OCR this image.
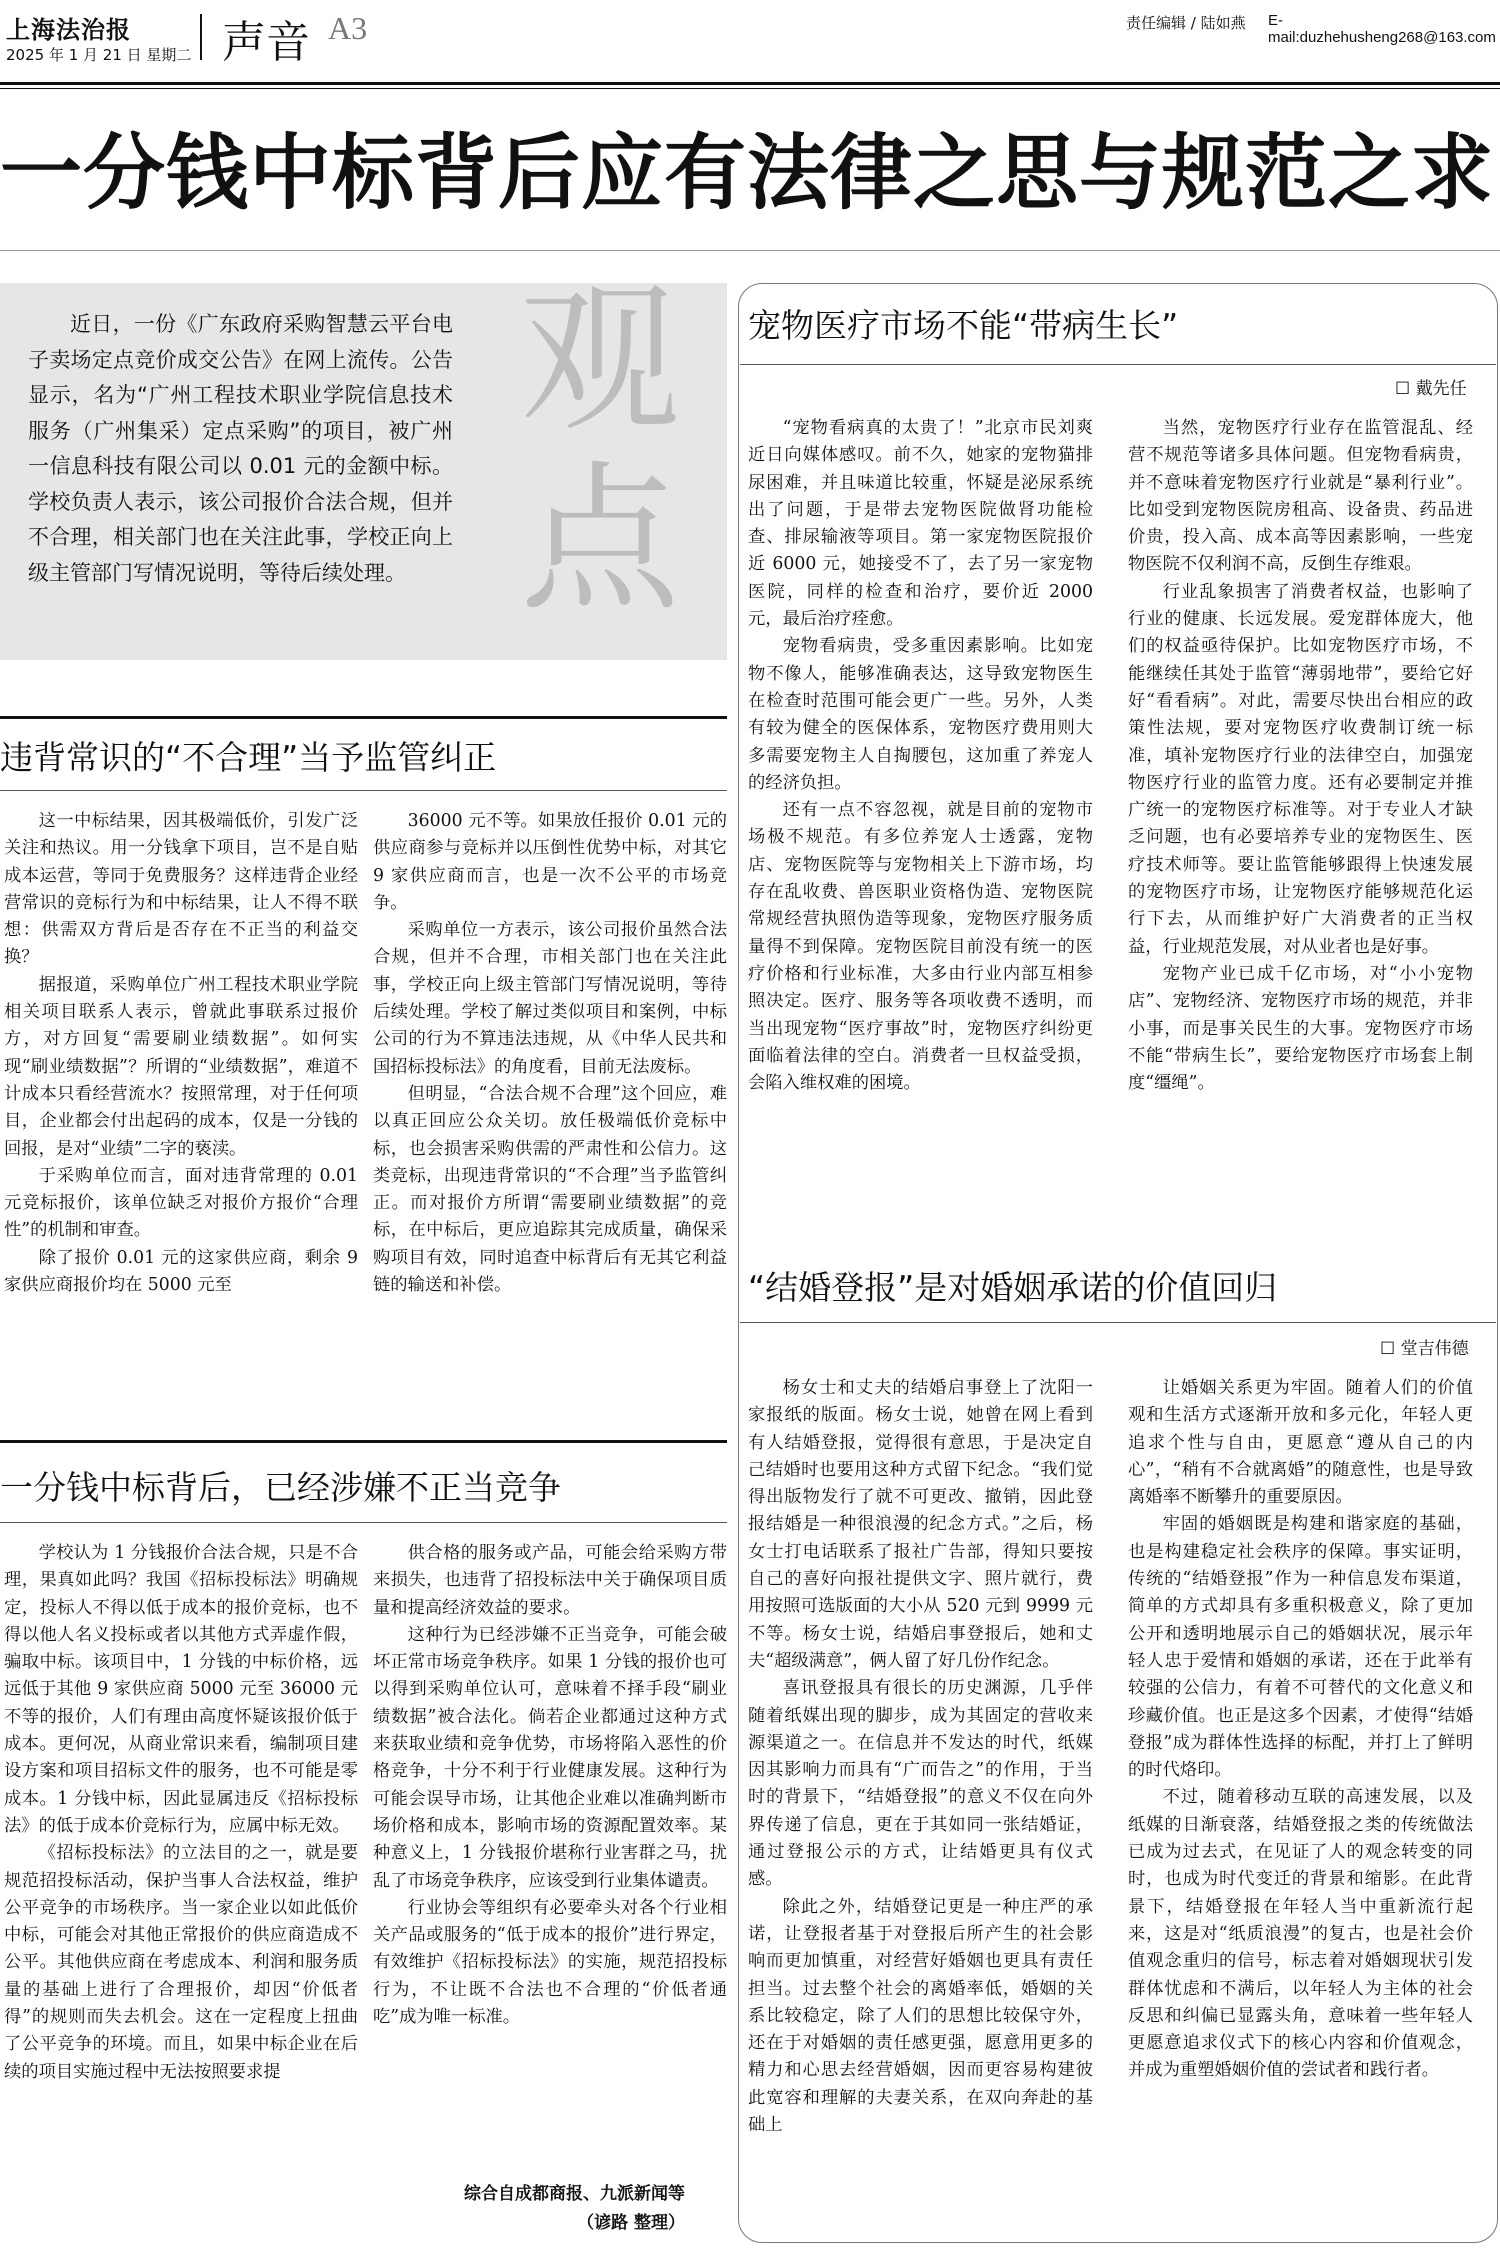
上海法治报
2025 年 1 月 21 日 星期二 声音 A3	责任编辑 / 陆如燕 E-mail:duzhehusheng268@163.com
一分钱中标背后应有法律之思与规范之求
观点

近日，一份《广东政府采购智慧云平台电子卖场定点竞价成交公告》在网上流传。公告显示，名为“广州工程技术职业学院信息技术服务（广州集采）定点采购”的项目，被广州一信息科技有限公司以 0.01 元的金额中标。学校负责人表示，该公司报价合法合规，但并不合理，相关部门也在关注此事，学校正向上级主管部门写情况说明，等待后续处理。

违背常识的“不合理”当予监管纠正

这一中标结果，因其极端低价，引发广泛关注和热议。用一分钱拿下项目，岂不是自贴成本运营，等同于免费服务？这样违背企业经营常识的竞标行为和中标结果，让人不得不联想：供需双方背后是否存在不正当的利益交换？

据报道，采购单位广州工程技术职业学院相关项目联系人表示，曾就此事联系过报价方，对方回复“需要刷业绩数据”。如何实现“刷业绩数据”？所谓的“业绩数据”，难道不计成本只看经营流水？按照常理，对于任何项目，企业都会付出起码的成本，仅是一分钱的回报，是对“业绩”二字的亵渎。

于采购单位而言，面对违背常理的 0.01 元竞标报价，该单位缺乏对报价方报价“合理性”的机制和审查。

除了报价 0.01 元的这家供应商，剩余 9 家供应商报价均在 5000 元至

36000 元不等。如果放任报价 0.01 元的供应商参与竞标并以压倒性优势中标，对其它 9 家供应商而言，也是一次不公平的市场竞争。

采购单位一方表示，该公司报价虽然合法合规，但并不合理，市相关部门也在关注此事，学校正向上级主管部门写情况说明，等待后续处理。学校了解过类似项目和案例，中标公司的行为不算违法违规，从《中华人民共和国招标投标法》的角度看，目前无法废标。

但明显，“合法合规不合理”这个回应，难以真正回应公众关切。放任极端低价竞标中标，也会损害采购供需的严肃性和公信力。这类竞标，出现违背常识的“不合理”当予监管纠正。而对报价方所谓“需要刷业绩数据”的竞标，在中标后，更应追踪其完成质量，确保采购项目有效，同时追查中标背后有无其它利益链的输送和补偿。

一分钱中标背后，已经涉嫌不正当竞争

学校认为 1 分钱报价合法合规，只是不合理，果真如此吗？我国《招标投标法》明确规定，投标人不得以低于成本的报价竞标，也不得以他人名义投标或者以其他方式弄虚作假，骗取中标。该项目中，1 分钱的中标价格，远远低于其他 9 家供应商 5000 元至 36000 元不等的报价，人们有理由高度怀疑该报价低于成本。更何况，从商业常识来看，编制项目建设方案和项目招标文件的服务，也不可能是零成本。1 分钱中标，因此显属违反《招标投标法》的低于成本价竞标行为，应属中标无效。

《招标投标法》的立法目的之一，就是要规范招投标活动，保护当事人合法权益，维护公平竞争的市场秩序。当一家企业以如此低价中标，可能会对其他正常报价的供应商造成不公平。其他供应商在考虑成本、利润和服务质量的基础上进行了合理报价，却因“价低者得”的规则而失去机会。这在一定程度上扭曲了公平竞争的环境。而且，如果中标企业在后续的项目实施过程中无法按照要求提

供合格的服务或产品，可能会给采购方带来损失，也违背了招投标法中关于确保项目质量和提高经济效益的要求。

这种行为已经涉嫌不正当竞争，可能会破坏正常市场竞争秩序。如果 1 分钱的报价也可以得到采购单位认可，意味着不择手段“刷业绩数据”被合法化。倘若企业都通过这种方式来获取业绩和竞争优势，市场将陷入恶性的价格竞争，十分不利于行业健康发展。这种行为可能会误导市场，让其他企业难以准确判断市场价格和成本，影响市场的资源配置效率。某种意义上，1 分钱报价堪称行业害群之马，扰乱了市场竞争秩序，应该受到行业集体谴责。

行业协会等组织有必要牵头对各个行业相关产品或服务的“低于成本的报价”进行界定，有效维护《招标投标法》的实施，规范招投标行为，不让既不合法也不合理的“价低者通吃”成为唯一标准。

综合自成都商报、九派新闻等
（谚路 整理）
宠物医疗市场不能“带病生长”
☐ 戴先任

“宠物看病真的太贵了！”北京市民刘爽近日向媒体感叹。前不久，她家的宠物猫排尿困难，并且味道比较重，怀疑是泌尿系统出了问题，于是带去宠物医院做肾功能检查、排尿输液等项目。第一家宠物医院报价近 6000 元，她接受不了，去了另一家宠物医院，同样的检查和治疗，要价近 2000 元，最后治疗痊愈。

宠物看病贵，受多重因素影响。比如宠物不像人，能够准确表达，这导致宠物医生在检查时范围可能会更广一些。另外，人类有较为健全的医保体系，宠物医疗费用则大多需要宠物主人自掏腰包，这加重了养宠人的经济负担。

还有一点不容忽视，就是目前的宠物市场极不规范。有多位养宠人士透露，宠物店、宠物医院等与宠物相关上下游市场，均存在乱收费、兽医职业资格伪造、宠物医院常规经营执照伪造等现象，宠物医疗服务质量得不到保障。宠物医院目前没有统一的医疗价格和行业标准，大多由行业内部互相参照决定。医疗、服务等各项收费不透明，而当出现宠物“医疗事故”时，宠物医疗纠纷更面临着法律的空白。消费者一旦权益受损，会陷入维权难的困境。

当然，宠物医疗行业存在监管混乱、经营不规范等诸多具体问题。但宠物看病贵，并不意味着宠物医疗行业就是“暴利行业”。比如受到宠物医院房租高、设备贵、药品进价贵，投入高、成本高等因素影响，一些宠物医院不仅利润不高，反倒生存维艰。

行业乱象损害了消费者权益，也影响了行业的健康、长远发展。爱宠群体庞大，他们的权益亟待保护。比如宠物医疗市场，不能继续任其处于监管“薄弱地带”，要给它好好“看看病”。对此，需要尽快出台相应的政策性法规，要对宠物医疗收费制订统一标准，填补宠物医疗行业的法律空白，加强宠物医疗行业的监管力度。还有必要制定并推广统一的宠物医疗标准等。对于专业人才缺乏问题，也有必要培养专业的宠物医生、医疗技术师等。要让监管能够跟得上快速发展的宠物医疗市场，让宠物医疗能够规范化运行下去，从而维护好广大消费者的正当权益，行业规范发展，对从业者也是好事。

宠物产业已成千亿市场，对“小小宠物店”、宠物经济、宠物医疗市场的规范，并非小事，而是事关民生的大事。宠物医疗市场不能“带病生长”，要给宠物医疗市场套上制度“缰绳”。

“结婚登报”是对婚姻承诺的价值回归
☐ 堂吉伟德

杨女士和丈夫的结婚启事登上了沈阳一家报纸的版面。杨女士说，她曾在网上看到有人结婚登报，觉得很有意思，于是决定自己结婚时也要用这种方式留下纪念。“我们觉得出版物发行了就不可更改、撤销，因此登报结婚是一种很浪漫的纪念方式。”之后，杨女士打电话联系了报社广告部，得知只要按自己的喜好向报社提供文字、照片就行，费用按照可选版面的大小从 520 元到 9999 元不等。杨女士说，结婚启事登报后，她和丈夫“超级满意”，俩人留了好几份作纪念。

喜讯登报具有很长的历史渊源，几乎伴随着纸媒出现的脚步，成为其固定的营收来源渠道之一。在信息并不发达的时代，纸媒因其影响力而具有“广而告之”的作用，于当时的背景下，“结婚登报”的意义不仅在向外界传递了信息，更在于其如同一张结婚证，通过登报公示的方式，让结婚更具有仪式感。

除此之外，结婚登记更是一种庄严的承诺，让登报者基于对登报后所产生的社会影响而更加慎重，对经营好婚姻也更具有责任担当。过去整个社会的离婚率低，婚姻的关系比较稳定，除了人们的思想比较保守外，还在于对婚姻的责任感更强，愿意用更多的精力和心思去经营婚姻，因而更容易构建彼此宽容和理解的夫妻关系，在双向奔赴的基础上

让婚姻关系更为牢固。随着人们的价值观和生活方式逐渐开放和多元化，年轻人更追求个性与自由，更愿意“遵从自己的内心”，“稍有不合就离婚”的随意性，也是导致离婚率不断攀升的重要原因。

牢固的婚姻既是构建和谐家庭的基础，也是构建稳定社会秩序的保障。事实证明，传统的“结婚登报”作为一种信息发布渠道，简单的方式却具有多重积极意义，除了更加公开和透明地展示自己的婚姻状况，展示年轻人忠于爱情和婚姻的承诺，还在于此举有较强的公信力，有着不可替代的文化意义和珍藏价值。也正是这多个因素，才使得“结婚登报”成为群体性选择的标配，并打上了鲜明的时代烙印。

不过，随着移动互联的高速发展，以及纸媒的日渐衰落，结婚登报之类的传统做法已成为过去式，在见证了人的观念转变的同时，也成为时代变迁的背景和缩影。在此背景下，结婚登报在年轻人当中重新流行起来，这是对“纸质浪漫”的复古，也是社会价值观念重归的信号，标志着对婚姻现状引发群体忧虑和不满后，以年轻人为主体的社会反思和纠偏已显露头角，意味着一些年轻人更愿意追求仪式下的核心内容和价值观念，并成为重塑婚姻价值的尝试者和践行者。
